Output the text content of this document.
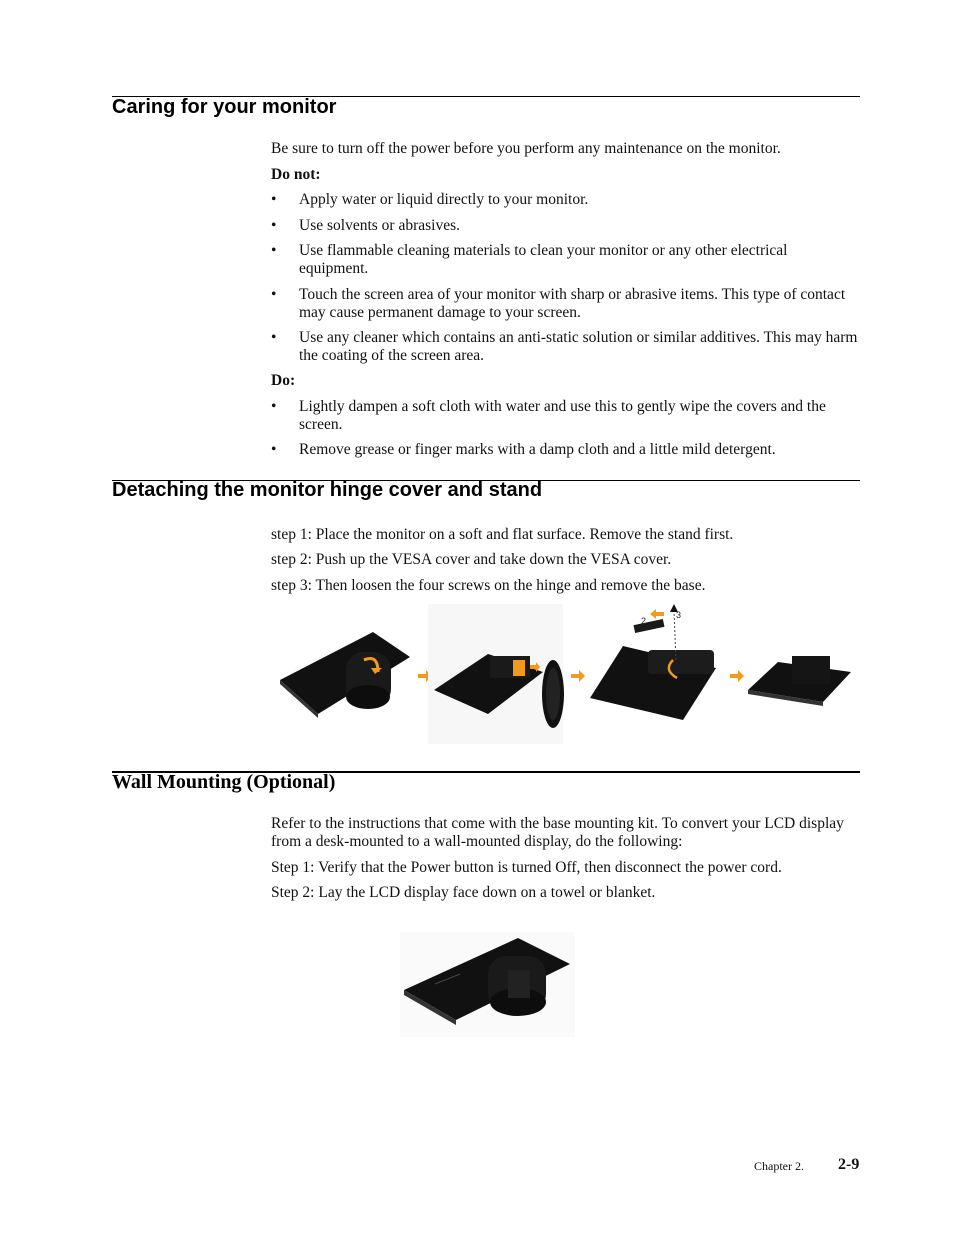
Caring for your monitor

Be sure to turn off the power before you perform any maintenance on the monitor.

Do not:

• Apply water or liquid directly to your monitor.
• Use solvents or abrasives.
• Use flammable cleaning materials to clean your monitor or any other electrical equipment.
• Touch the screen area of your monitor with sharp or abrasive items. This type of contact may cause permanent damage to your screen.
• Use any cleaner which contains an anti-static solution or similar additives. This may harm the coating of the screen area.

Do:

• Lightly dampen a soft cloth with water and use this to gently wipe the covers and the screen.
• Remove grease or finger marks with a damp cloth and a little mild detergent.
Detaching the monitor hinge cover and stand

step 1: Place the monitor on a soft and flat surface. Remove the stand first.

step 2: Push up the VESA cover and take down the VESA cover.

step 3: Then loosen the four screws on the hinge and remove the base.

2
3
Wall Mounting (Optional)

Refer to the instructions that come with the base mounting kit. To convert your LCD display from a desk-mounted to a wall-mounted display, do the following:

Step 1: Verify that the Power button is turned Off, then disconnect the power cord.

Step 2: Lay the LCD display face down on a towel or blanket.

Chapter 2. 2-9
